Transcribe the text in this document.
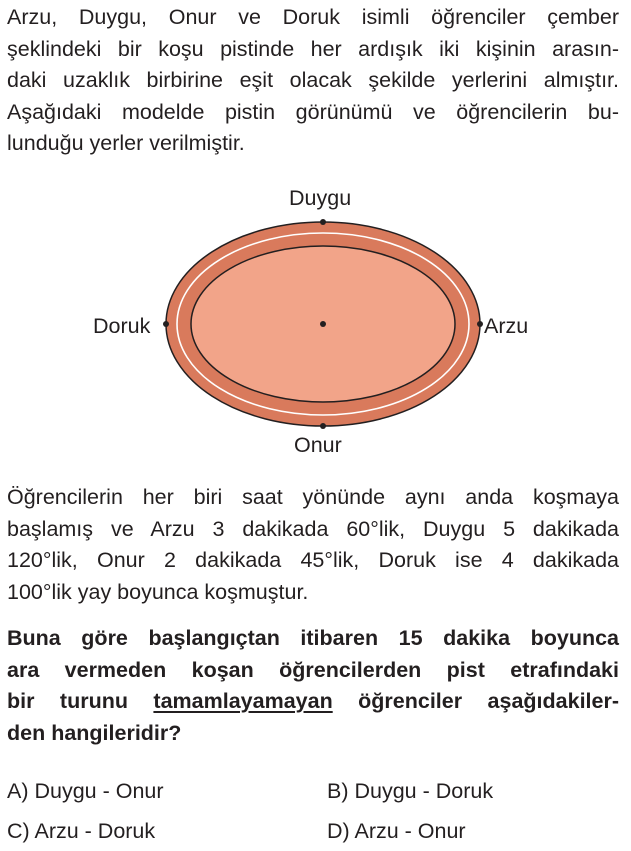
Arzu, Duygu, Onur ve Doruk isimli öğrenciler çember
şeklindeki bir koşu pistinde her ardışık iki kişinin arasın-
daki uzaklık birbirine eşit olacak şekilde yerlerini almıştır.
Aşağıdaki modelde pistin görünümü ve öğrencilerin bu-
lunduğu yerler verilmiştir.
Duygu
Doruk	Arzu
Onur
Öğrencilerin her biri saat yönünde aynı anda koşmaya
başlamış ve Arzu 3 dakikada 60°lik, Duygu 5 dakikada
120°lik, Onur 2 dakikada 45°lik, Doruk ise 4 dakikada
100°lik yay boyunca koşmuştur.
Buna göre başlangıçtan itibaren 15 dakika boyunca
ara vermeden koşan öğrencilerden pist etrafındaki
bir turunu tamamlayamayan öğrenciler aşağıdakiler-
den hangileridir?
A) Duygu - Onur	B) Duygu - Doruk
C) Arzu - Doruk	D) Arzu - Onur
